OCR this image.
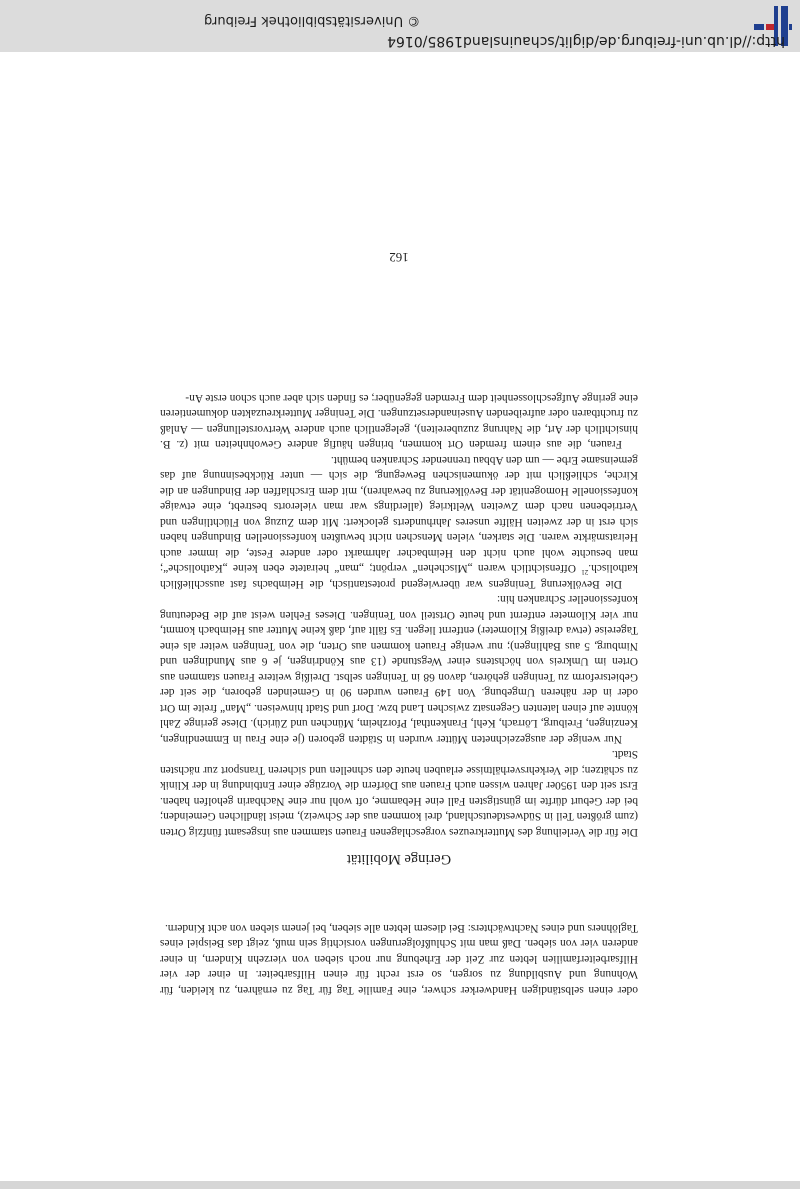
oder einen selbständigen Handwerker schwer, eine Familie Tag für Tag zu ernähren, zu kleiden, für Wohnung und Ausbildung zu sorgen, so erst recht für einen Hilfsarbeiter. In einer der vier Hilfsarbeiterfamilien lebten zur Zeit der Erhebung nur noch sieben von vierzehn Kindern, in einer anderen vier von sieben. Daß man mit Schlußfolgerungen vorsichtig sein muß, zeigt das Beispiel eines Taglöhners und eines Nachtwächters: Bei diesem lebten alle sieben, bei jenem sieben von acht Kindern.

Geringe Mobilität

Die für die Verleihung des Mutterkreuzes vorgeschlagenen Frauen stammen aus insgesamt fünfzig Orten (zum größten Teil in Südwestdeutschland, drei kommen aus der Schweiz), meist ländlichen Gemeinden; bei der Geburt dürfte im günstigsten Fall eine Hebamme, oft wohl nur eine Nachbarin geholfen haben. Erst seit den 1950er Jahren wissen auch Frauen aus Dörfern die Vorzüge einer Entbindung in der Klinik zu schätzen; die Verkehrsverhältnisse erlauben heute den schnellen und sicheren Transport zur nächsten Stadt.

Nur wenige der ausgezeichneten Mütter wurden in Städten geboren (je eine Frau in Emmendingen, Kenzingen, Freiburg, Lörrach, Kehl, Frankenthal, Pforzheim, München und Zürich). Diese geringe Zahl könnte auf einen latenten Gegensatz zwischen Land bzw. Dorf und Stadt hinweisen. „Man“ freite im Ort oder in der näheren Umgebung. Von 149 Frauen wurden 90 in Gemeinden geboren, die seit der Gebietsreform zu Teningen gehören, davon 68 in Teningen selbst. Dreißig weitere Frauen stammen aus Orten im Umkreis von höchstens einer Wegstunde (13 aus Köndringen, je 6 aus Mundingen und Nimburg, 5 aus Bahlingen); nur wenige Frauen kommen aus Orten, die von Teningen weiter als eine Tagereise (etwa dreißig Kilometer) entfernt liegen. Es fällt auf, daß keine Mutter aus Heimbach kommt, nur vier Kilometer entfernt und heute Ortsteil von Teningen. Dieses Fehlen weist auf die Bedeutung konfessioneller Schranken hin:

Die Bevölkerung Teningens war überwiegend protestantisch, die Heimbachs fast ausschließlich katholisch.$^{21}$ Offensichtlich waren „Mischehen“ verpönt; „man“ heiratete eben keine „Katholische“; man besuchte wohl auch nicht den Heimbacher Jahrmarkt oder andere Feste, die immer auch Heiratsmärkte waren. Die starken, vielen Menschen nicht bewußten konfessionellen Bindungen haben sich erst in der zweiten Hälfte unseres Jahrhunderts gelockert: Mit dem Zuzug von Flüchtlingen und Vertriebenen nach dem Zweiten Weltkrieg (allerdings war man vielerorts bestrebt, eine etwaige konfessionelle Homogenität der Bevölkerung zu bewahren), mit dem Erschlaffen der Bindungen an die Kirche, schließlich mit der ökumenischen Bewegung, die sich — unter Rückbesinnung auf das gemeinsame Erbe — um den Abbau trennender Schranken bemüht.

Frauen, die aus einem fremden Ort kommen, bringen häufig andere Gewohnheiten mit (z. B. hinsichtlich der Art, die Nahrung zuzubereiten), gelegentlich auch andere Wertvorstellungen — Anlaß zu fruchtbaren oder aufreibenden Auseinandersetzungen. Die Teninger Mutterkreuzakten dokumentieren eine geringe Aufgeschlossenheit dem Fremden gegenüber; es finden sich aber auch schon erste An-

162
http://dl.ub.uni-freiburg.de/diglit/schauinsland1985/0164
© Universitätsbibliothek Freiburg
